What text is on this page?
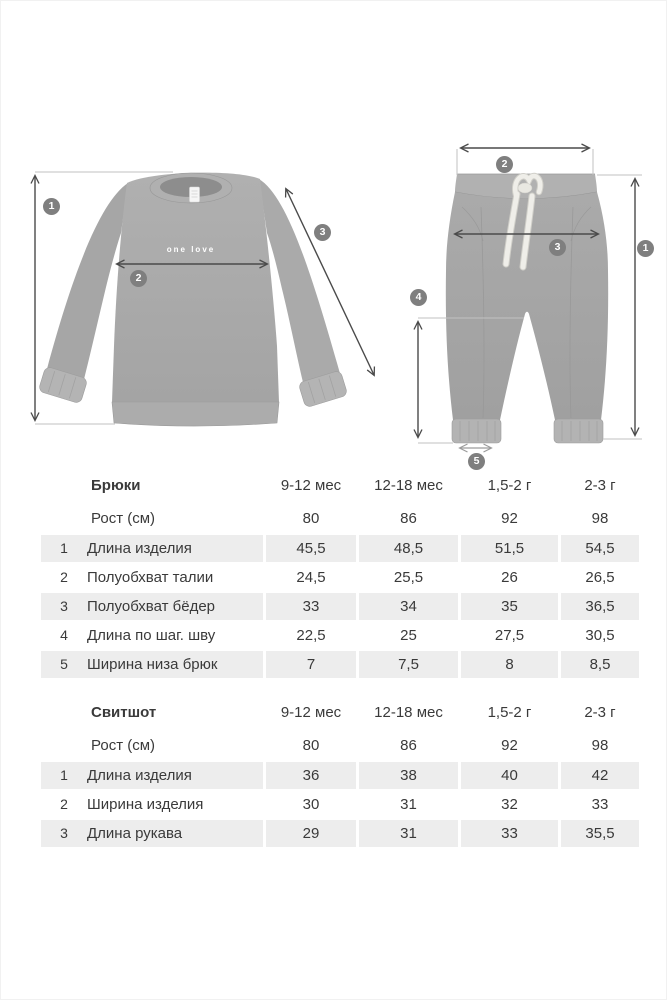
1
2
3
2
1
3
4
5
one love
Брюки	9-12 мес	12-18 мес	1,5-2 г	2-3 г
Рост (см)	80	86	92	98
1 Длина изделия	45,5	48,5	51,5	54,5
2 Полуобхват талии	24,5	25,5	26	26,5
3 Полуобхват бёдер	33	34	35	36,5
4 Длина по шаг. шву	22,5	25	27,5	30,5
5 Ширина низа брюк	7	7,5	8	8,5
Свитшот	9-12 мес	12-18 мес	1,5-2 г	2-3 г
Рост (см)	80	86	92	98
1 Длина изделия	36	38	40	42
2 Ширина изделия	30	31	32	33
3 Длина рукава	29	31	33	35,5
